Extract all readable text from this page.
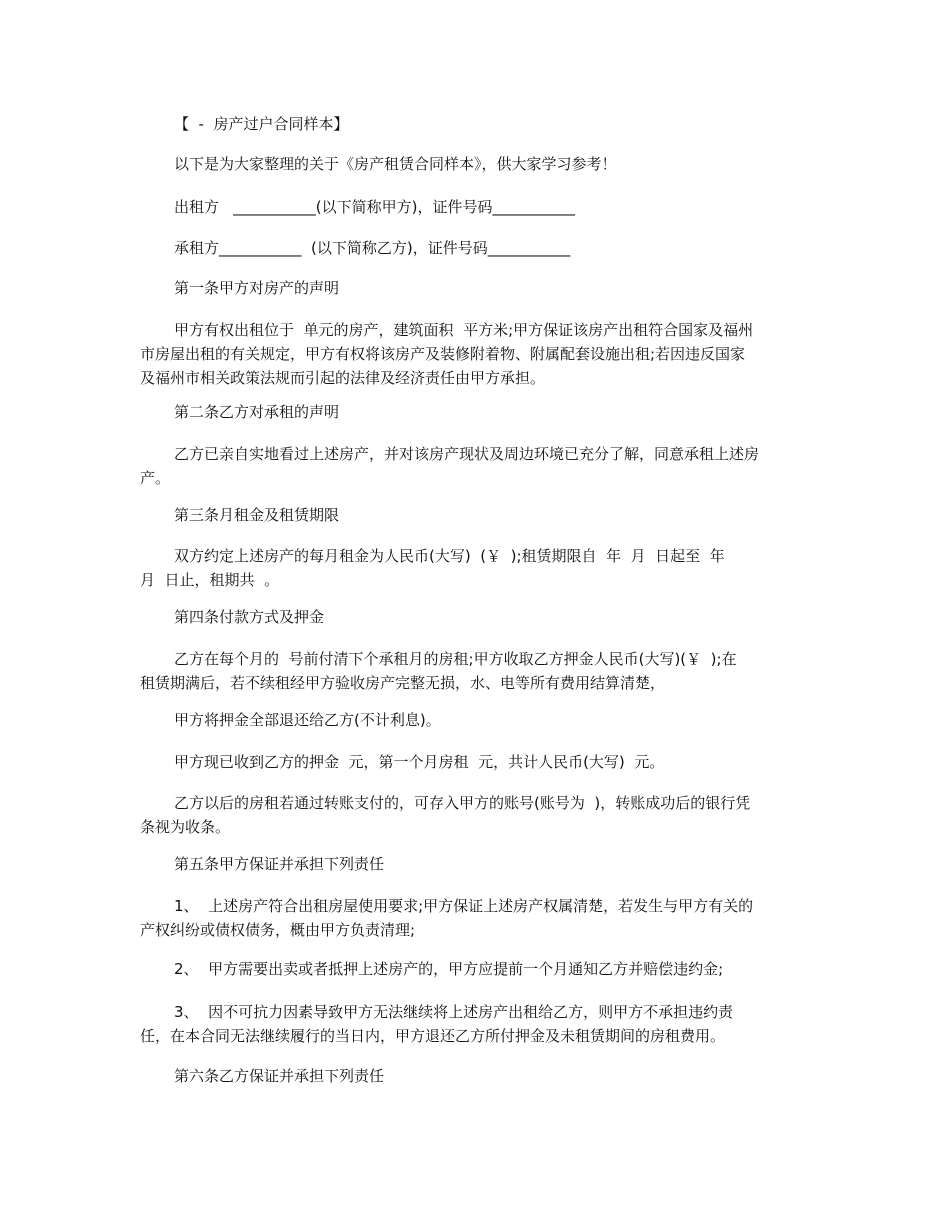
【  -  房产过户合同样本】
以下是为大家整理的关于《房产租赁合同样本》，供大家学习参考！
出租方   ___________(以下简称甲方)，证件号码___________
承租方___________  (以下简称乙方)，证件号码___________
第一条甲方对房产的声明
甲方有权出租位于  单元的房产，建筑面积  平方米;甲方保证该房产出租符合国家及福州
市房屋出租的有关规定，甲方有权将该房产及装修附着物、附属配套设施出租;若因违反国家
及福州市相关政策法规而引起的法律及经济责任由甲方承担。
第二条乙方对承租的声明
乙方已亲自实地看过上述房产，并对该房产现状及周边环境已充分了解，同意承租上述房
产。
第三条月租金及租赁期限
双方约定上述房产的每月租金为人民币(大写)  (￥  );租赁期限自  年  月  日起至  年
月  日止，租期共  。
第四条付款方式及押金
乙方在每个月的  号前付清下个承租月的房租;甲方收取乙方押金人民币(大写)(￥  );在
租赁期满后，若不续租经甲方验收房产完整无损，水、电等所有费用结算清楚，
甲方将押金全部退还给乙方(不计利息)。
甲方现已收到乙方的押金  元，第一个月房租  元，共计人民币(大写)  元。
乙方以后的房租若通过转账支付的，可存入甲方的账号(账号为  )，转账成功后的银行凭
条视为收条。
第五条甲方保证并承担下列责任
1、  上述房产符合出租房屋使用要求;甲方保证上述房产权属清楚，若发生与甲方有关的
产权纠纷或债权债务，概由甲方负责清理;
2、  甲方需要出卖或者抵押上述房产的，甲方应提前一个月通知乙方并赔偿违约金;
3、  因不可抗力因素导致甲方无法继续将上述房产出租给乙方，则甲方不承担违约责
任，在本合同无法继续履行的当日内，甲方退还乙方所付押金及未租赁期间的房租费用。
第六条乙方保证并承担下列责任
